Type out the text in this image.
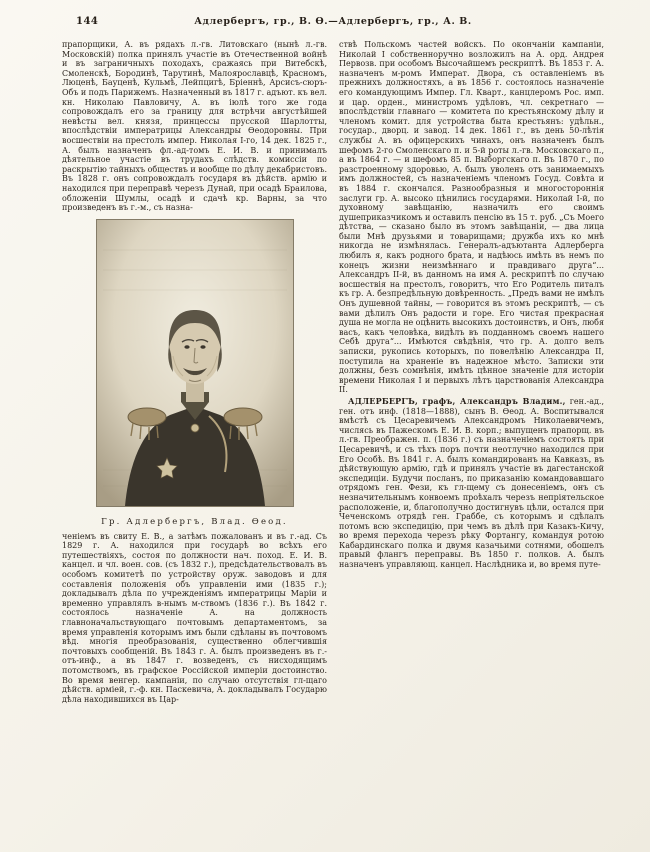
144	Адлербергъ, гр., В. Ѳ.—Адлербергъ, гр., А. В.

прапорщики, А. въ рядахъ л.-гв. Литовскаго (нынѣ л.-гв. Московскій) полка принялъ участіе въ Отечественной войнѣ и въ заграничныхъ походахъ, сражаясь при Витебскѣ, Смоленскѣ, Бородинѣ, Тарутинѣ, Малоярославцѣ, Красномъ, Люценѣ, Бауценѣ, Кульмѣ, Лейпцигѣ, Бріеннѣ, Арсисъ-сюръ-Объ и подъ Парижемъ. Назначенный въ 1817 г. адъют. къ вел. кн. Николаю Павловичу, А. въ іюлѣ того же года сопровождалъ его за границу для встрѣчи августѣйшей невѣсты вел. князя, принцессы прусской Шарлотты, впослѣдствіи императрицы Александры Ѳеодоровны. При восшествіи на престолъ импер. Николая I-го, 14 дек. 1825 г., А. былъ назначенъ фл.-ад-томъ Е. И. В. и принималъ дѣятельное участіе въ трудахъ слѣдств. комиссіи по раскрытію тайныхъ обществъ и вообще по дѣлу декабристовъ. Въ 1828 г. онъ сопровождалъ государя въ дѣйств. армію и находился при переправѣ черезъ Дунай, при осадѣ Браилова, обложеніи Шумлы, осадѣ и сдачѣ кр. Варны, за что произведенъ въ г.-м., съ назна-

Гр. Адлербергъ, Влад. Ѳеод.

ченіемъ въ свиту Е. В., а затѣмъ пожалованъ и въ г.-ад. Съ 1829 г. А. находился при государѣ во всѣхъ его путешествіяхъ, состоя по должности нач. поход. Е. И. В. канцел. и чл. воен. сов. (съ 1832 г.), предсѣдательствовалъ въ особомъ комитетѣ по устройству оруж. заводовъ и для составленія положенія объ управленіи ими (1835 г.); докладывалъ дѣла по учрежденіямъ императрицы Маріи и временно управлялъ в-нымъ м-ствомъ (1836 г.). Въ 1842 г. состоялось назначеніе А. на должность главноначальствующаго почтовымъ департаментомъ, за время управленія которымъ имъ были сдѣланы въ почтовомъ вѣд. многія преобразованія, существенно облегчившія почтовыхъ сообщеній. Въ 1843 г. А. былъ произведенъ въ г.-отъ-инф., а въ 1847 г. возведенъ, съ нисходящимъ потомствомъ, въ графское Россійской имперіи достоинство. Во время венгер. кампаніи, по случаю отсутствія гл-щаго дѣйств. арміей, г.-ф. кн. Паскевича, А. докладывалъ Государю дѣла находившихся въ Цар-

ствѣ Польскомъ частей войскъ. По окончаніи кампаніи, Николай I собственноручно возложилъ на А. орд. Андрея Первозв. при особомъ Высочайшемъ рескриптѣ. Въ 1853 г. А. назначенъ м-ромъ Императ. Двора, съ оставленіемъ въ прежнихъ должностяхъ, а въ 1856 г. состоялось назначеніе его командующимъ Импер. Гл. Кварт., канцлеромъ Рос. имп. и цар. орден., министромъ удѣловъ, чл. секретнаго — впослѣдствіи главнаго — комитета по крестьянскому дѣлу и членомъ комит. для устройства быта крестьянъ: удѣльн., государ., дворц. и завод. 14 дек. 1861 г., въ день 50-лѣтія службы А. въ офицерскихъ чинахъ, онъ назначенъ былъ шефомъ 2-го Смоленскаго п. и 5-й роты л.-гв. Московскаго п., а въ 1864 г. — и шефомъ 85 п. Выборгскаго п. Въ 1870 г., по разстроенному здоровью, А. былъ уволенъ отъ занимаемыхъ имъ должностей, съ назначеніемъ членомъ Госуд. Совѣта и въ 1884 г. скончался. Разнообразныя и многостороннія заслуги гр. А. высоко цѣнились государями. Николай I-й, по духовному завѣщанію, назначилъ его своимъ душеприказчикомъ и оставилъ пенсію въ 15 т. руб. „Съ Моего дѣтства, — сказано было въ этомъ завѣщаніи, — два лица были Мнѣ друзьями и товарищами; дружба ихъ ко мнѣ никогда не измѣнялась. Генералъ-адъютанта Адлерберга любилъ я, какъ родного брата, и надѣюсь имѣть въ немъ по конецъ жизни неизмѣннаго и правдиваго друга“... Александръ II-й, въ данномъ на имя А. рескриптѣ по случаю восшествія на престолъ, говоритъ, что Его Родитель питалъ къ гр. А. безпредѣльную довѣренность. „Предъ вами не имѣлъ Онъ душевной тайны, — говорится въ этомъ рескриптѣ, — съ вами дѣлилъ Онъ радости и горе. Его чистая прекрасная душа не могла не оцѣнить высокихъ достоинствъ, и Онъ, любя васъ, какъ человѣка, видѣлъ въ подданномъ своемъ нашего Себѣ друга“... Имѣются свѣдѣнія, что гр. А. долго велъ записки, рукопись которыхъ, по повелѣнію Александра II, поступила на храненіе въ надежное мѣсто. Записки эти должны, безъ сомнѣнія, имѣть цѣнное значеніе для исторіи времени Николая I и первыхъ лѣтъ царствованія Александра II.

АДЛЕРБЕРГЪ, графъ, Александръ Владим., ген.-ад., ген. отъ инф. (1818—1888), сынъ В. Ѳеод. А. Воспитывался вмѣстѣ съ Цесаревичемъ Александромъ Николаевичемъ, числясь въ Пажескомъ Е. И. В. корп.; выпущенъ прапорщ. въ л.-гв. Преображен. п. (1836 г.) съ назначеніемъ состоять при Цесаревичѣ, и съ тѣхъ поръ почти неотлучно находился при Его Особѣ. Въ 1841 г. А. былъ командированъ на Кавказъ, въ дѣйствующую армію, гдѣ и принялъ участіе въ дагестанской экспедиціи. Будучи посланъ, по приказанію командовавшаго отрядомъ ген. Фези, къ гл-щему съ донесеніемъ, онъ съ незначительнымъ конвоемъ проѣхалъ черезъ непріятельское расположеніе, и, благополучно достигнувъ цѣли, остался при Чеченскомъ отрядѣ ген. Граббе, съ которымъ и сдѣлалъ потомъ всю экспедицію, при чемъ въ дѣлѣ при Казакъ-Кичу, во время перехода черезъ рѣку Фортангу, командуя ротою Кабардинскаго полка и двумя казачьими сотнями, обошелъ правый флангъ переправы. Въ 1850 г. полков. А. былъ назначенъ управляющ. канцел. Наслѣдника и, во время путе-
